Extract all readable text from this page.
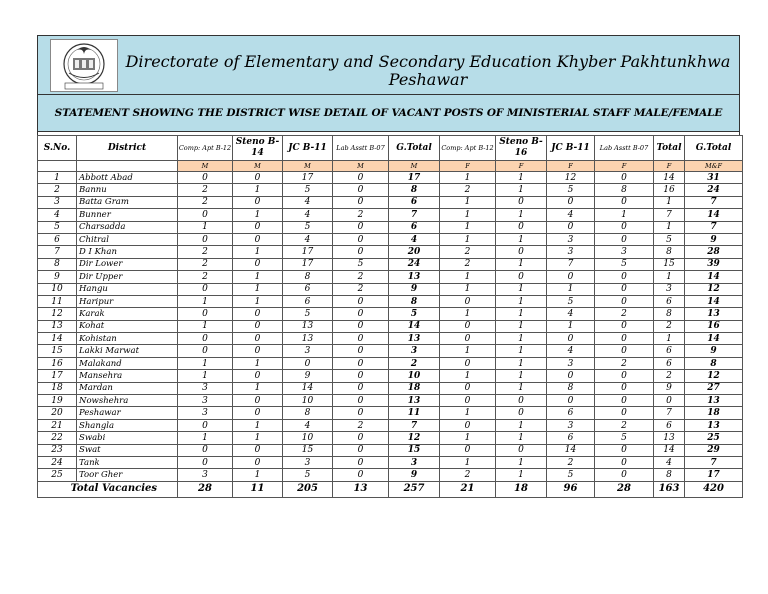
Directorate of Elementary and Secondary Education Khyber Pakhtunkhwa Peshawar
STATEMENT SHOWING THE DISTRICT WISE DETAIL OF VACANT POSTS OF MINISTERIAL STAFF MALE/FEMALE
S.No.	District	Comp: Apt B-12	Steno B-14	JC B-11	Lab Asstt B-07	G.Total	Comp: Apt B-12	Steno B-16	JC B-11	Lab Asstt B-07	Total	G.Total
		M	M	M	M	M	F	F	F	F	F	M&F
1	Abbott Abad	0	0	17	0	17	1	1	12	0	14	31
2	Bannu	2	1	5	0	8	2	1	5	8	16	24
3	Batta Gram	2	0	4	0	6	1	0	0	0	1	7
4	Bunner	0	1	4	2	7	1	1	4	1	7	14
5	Charsadda	1	0	5	0	6	1	0	0	0	1	7
6	Chitral	0	0	4	0	4	1	1	3	0	5	9
7	D I Khan	2	1	17	0	20	2	0	3	3	8	28
8	Dir Lower	2	0	17	5	24	2	1	7	5	15	39
9	Dir Upper	2	1	8	2	13	1	0	0	0	1	14
10	Hangu	0	1	6	2	9	1	1	1	0	3	12
11	Haripur	1	1	6	0	8	0	1	5	0	6	14
12	Karak	0	0	5	0	5	1	1	4	2	8	13
13	Kohat	1	0	13	0	14	0	1	1	0	2	16
14	Kohistan	0	0	13	0	13	0	1	0	0	1	14
15	Lakki Marwat	0	0	3	0	3	1	1	4	0	6	9
16	Malakand	1	1	0	0	2	0	1	3	2	6	8
17	Mansehra	1	0	9	0	10	1	1	0	0	2	12
18	Mardan	3	1	14	0	18	0	1	8	0	9	27
19	Nowshehra	3	0	10	0	13	0	0	0	0	0	13
20	Peshawar	3	0	8	0	11	1	0	6	0	7	18
21	Shangla	0	1	4	2	7	0	1	3	2	6	13
22	Swabi	1	1	10	0	12	1	1	6	5	13	25
23	Swat	0	0	15	0	15	0	0	14	0	14	29
24	Tank	0	0	3	0	3	1	1	2	0	4	7
25	Toor Gher	3	1	5	0	9	2	1	5	0	8	17
Total Vacancies		28	11	205	13	257	21	18	96	28	163	420
